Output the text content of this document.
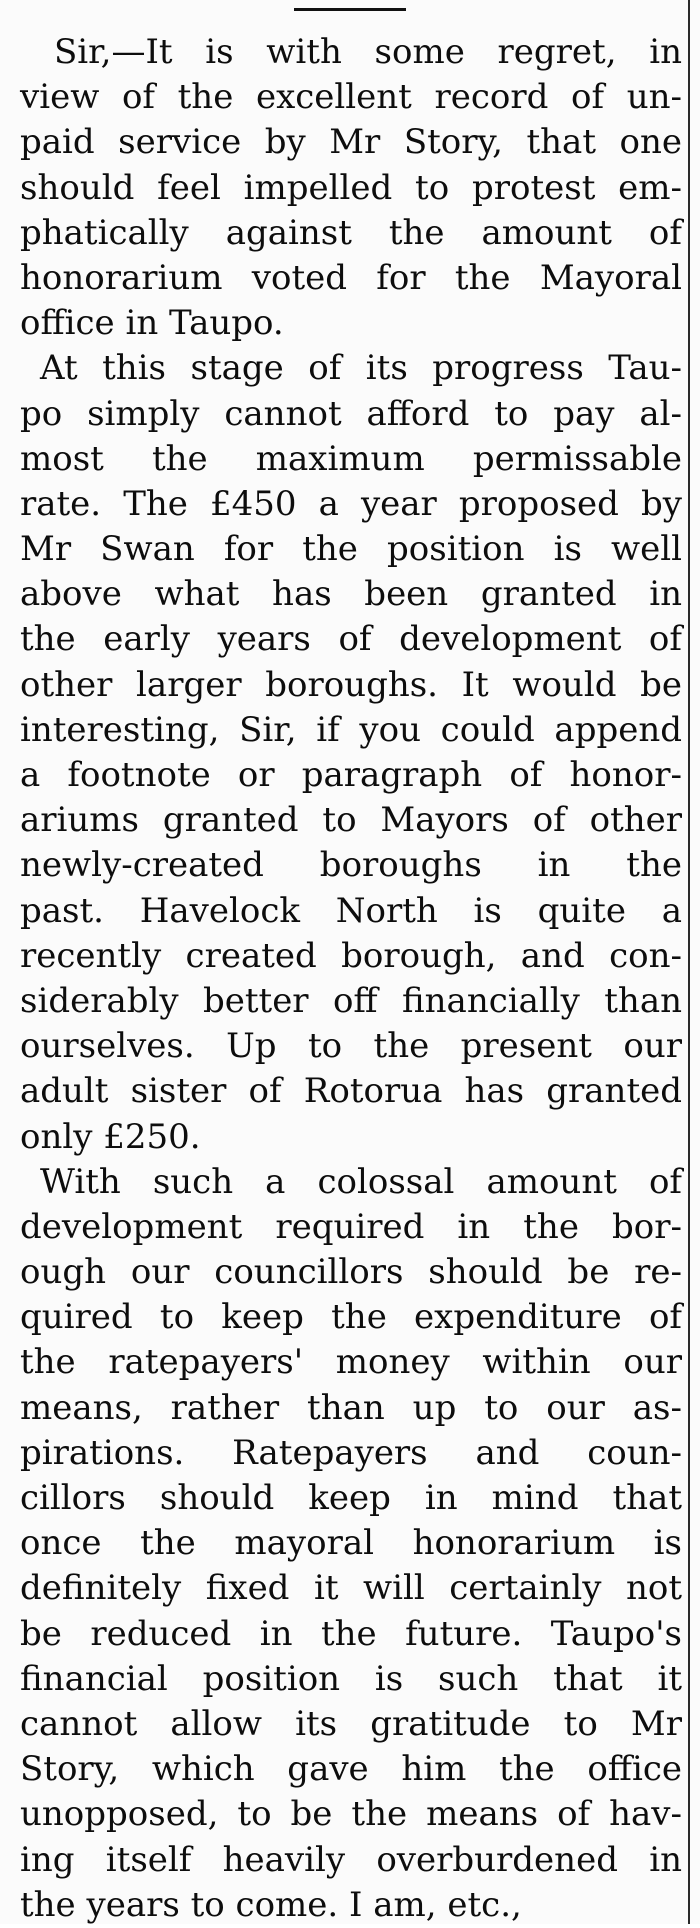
Sir,—It is with some regret, in
view of the excellent record of un-
paid service by Mr Story, that one
should feel impelled to protest em-
phatically against the amount of
honorarium voted for the Mayoral
office in Taupo.
At this stage of its progress Tau-
po simply cannot afford to pay al-
most the maximum permissable
rate. The £450 a year proposed by
Mr Swan for the position is well
above what has been granted in
the early years of development of
other larger boroughs. It would be
interesting, Sir, if you could append
a footnote or paragraph of honor-
ariums granted to Mayors of other
newly-created boroughs in the
past. Havelock North is quite a
recently created borough, and con-
siderably better off financially than
ourselves. Up to the present our
adult sister of Rotorua has granted
only £250.
With such a colossal amount of
development required in the bor-
ough our councillors should be re-
quired to keep the expenditure of
the ratepayers' money within our
means, rather than up to our as-
pirations. Ratepayers and coun-
cillors should keep in mind that
once the mayoral honorarium is
definitely fixed it will certainly not
be reduced in the future. Taupo's
financial position is such that it
cannot allow its gratitude to Mr
Story, which gave him the office
unopposed, to be the means of hav-
ing itself heavily overburdened in
the years to come. I am, etc.,
